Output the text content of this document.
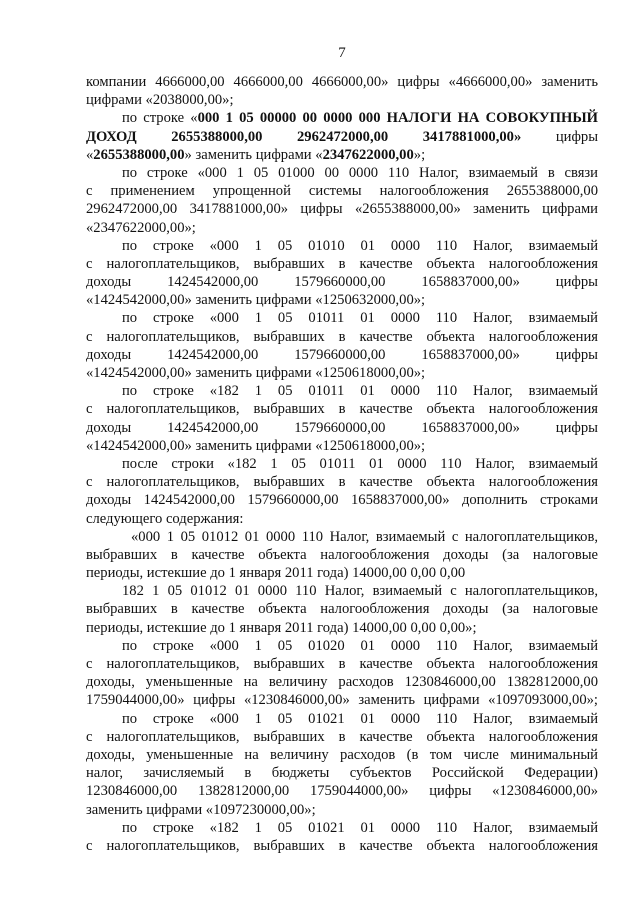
7
компании 4666000,00 4666000,00 4666000,00» цифры «4666000,00» заменить
цифрами «2038000,00»;
по строке «000 1 05 00000 00 0000 000 НАЛОГИ НА СОВОКУПНЫЙ
ДОХОД 2655388000,00 2962472000,00 3417881000,00» цифры
«2655388000,00» заменить цифрами «2347622000,00»;
по строке «000 1 05 01000 00 0000 110 Налог, взимаемый в связи
с применением упрощенной системы налогообложения 2655388000,00
2962472000,00 3417881000,00» цифры «2655388000,00» заменить цифрами
«2347622000,00»;
по строке «000 1 05 01010 01 0000 110 Налог, взимаемый
с налогоплательщиков, выбравших в качестве объекта налогообложения
доходы 1424542000,00 1579660000,00 1658837000,00» цифры
«1424542000,00» заменить цифрами «1250632000,00»;
по строке «000 1 05 01011 01 0000 110 Налог, взимаемый
с налогоплательщиков, выбравших в качестве объекта налогообложения
доходы 1424542000,00 1579660000,00 1658837000,00» цифры
«1424542000,00» заменить цифрами «1250618000,00»;
по строке «182 1 05 01011 01 0000 110 Налог, взимаемый
с налогоплательщиков, выбравших в качестве объекта налогообложения
доходы 1424542000,00 1579660000,00 1658837000,00» цифры
«1424542000,00» заменить цифрами «1250618000,00»;
после строки «182 1 05 01011 01 0000 110 Налог, взимаемый
с налогоплательщиков, выбравших в качестве объекта налогообложения
доходы 1424542000,00 1579660000,00 1658837000,00» дополнить строками
следующего содержания:
«000 1 05 01012 01 0000 110 Налог, взимаемый с налогоплательщиков,
выбравших в качестве объекта налогообложения доходы (за налоговые
периоды, истекшие до 1 января 2011 года) 14000,00 0,00 0,00
182 1 05 01012 01 0000 110 Налог, взимаемый с налогоплательщиков,
выбравших в качестве объекта налогообложения доходы (за налоговые
периоды, истекшие до 1 января 2011 года) 14000,00 0,00 0,00»;
по строке «000 1 05 01020 01 0000 110 Налог, взимаемый
с налогоплательщиков, выбравших в качестве объекта налогообложения
доходы, уменьшенные на величину расходов 1230846000,00 1382812000,00
1759044000,00» цифры «1230846000,00» заменить цифрами «1097093000,00»;
по строке «000 1 05 01021 01 0000 110 Налог, взимаемый
с налогоплательщиков, выбравших в качестве объекта налогообложения
доходы, уменьшенные на величину расходов (в том числе минимальный
налог, зачисляемый в бюджеты субъектов Российской Федерации)
1230846000,00 1382812000,00 1759044000,00» цифры «1230846000,00»
заменить цифрами «1097230000,00»;
по строке «182 1 05 01021 01 0000 110 Налог, взимаемый
с налогоплательщиков, выбравших в качестве объекта налогообложения
